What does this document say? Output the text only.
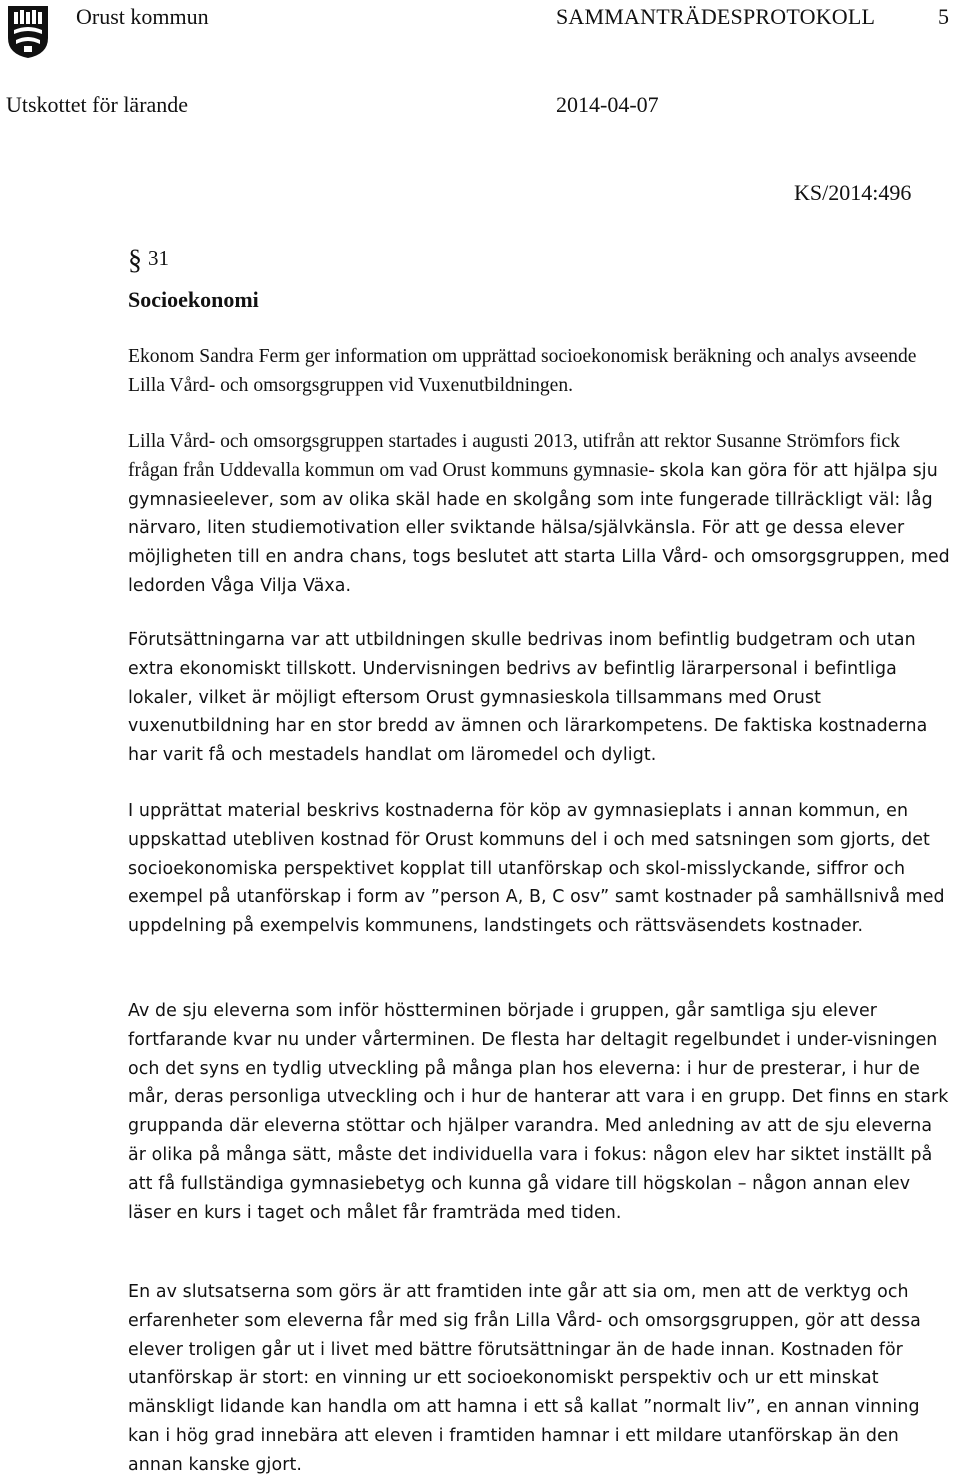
Orust kommun	SAMMANTRÄDESPROTOKOLL	5
Utskottet för lärande	2014-04-07
KS/2014:496
§ 31
Socioekonomi

Ekonom Sandra Ferm ger information om upprättad socioekonomisk beräkning och analys avseende Lilla Vård- och omsorgsgruppen vid Vuxenutbildningen.

Lilla Vård- och omsorgsgruppen startades i augusti 2013, utifrån att rektor Susanne Strömfors fick frågan från Uddevalla kommun om vad Orust kommuns gymnasie- skola kan göra för att hjälpa sju gymnasieelever, som av olika skäl hade en skolgång som inte fungerade tillräckligt väl: låg närvaro, liten studiemotivation eller sviktande hälsa/självkänsla. För att ge dessa elever möjligheten till en andra chans, togs beslutet att starta Lilla Vård- och omsorgsgruppen, med ledorden Våga Vilja Växa.

Förutsättningarna var att utbildningen skulle bedrivas inom befintlig budgetram och utan extra ekonomiskt tillskott. Undervisningen bedrivs av befintlig lärarpersonal i befintliga lokaler, vilket är möjligt eftersom Orust gymnasieskola tillsammans med Orust vuxenutbildning har en stor bredd av ämnen och lärarkompetens. De faktiska kostnaderna har varit få och mestadels handlat om läromedel och dyligt.

I upprättat material beskrivs kostnaderna för köp av gymnasieplats i annan kommun, en uppskattad utebliven kostnad för Orust kommuns del i och med satsningen som gjorts, det socioekonomiska perspektivet kopplat till utanförskap och skol-misslyckande, siffror och exempel på utanförskap i form av ”person A, B, C osv” samt kostnader på samhällsnivå med uppdelning på exempelvis kommunens, landstingets och rättsväsendets kostnader.

Av de sju eleverna som inför höstterminen började i gruppen, går samtliga sju elever fortfarande kvar nu under vårterminen. De flesta har deltagit regelbundet i under-visningen och det syns en tydlig utveckling på många plan hos eleverna: i hur de presterar, i hur de mår, deras personliga utveckling och i hur de hanterar att vara i en grupp. Det finns en stark gruppanda där eleverna stöttar och hjälper varandra. Med anledning av att de sju eleverna är olika på många sätt, måste det individuella vara i fokus: någon elev har siktet inställt på att få fullständiga gymnasiebetyg och kunna gå vidare till högskolan – någon annan elev läser en kurs i taget och målet får framträda med tiden.

En av slutsatserna som görs är att framtiden inte går att sia om, men att de verktyg och erfarenheter som eleverna får med sig från Lilla Vård- och omsorgsgruppen, gör att dessa elever troligen går ut i livet med bättre förutsättningar än de hade innan. Kostnaden för utanförskap är stort: en vinning ur ett socioekonomiskt perspektiv och ur ett minskat mänskligt lidande kan handla om att hamna i ett så kallat ”normalt liv”, en annan vinning kan i hög grad innebära att eleven i framtiden hamnar i ett mildare utanförskap än den annan kanske gjort.
